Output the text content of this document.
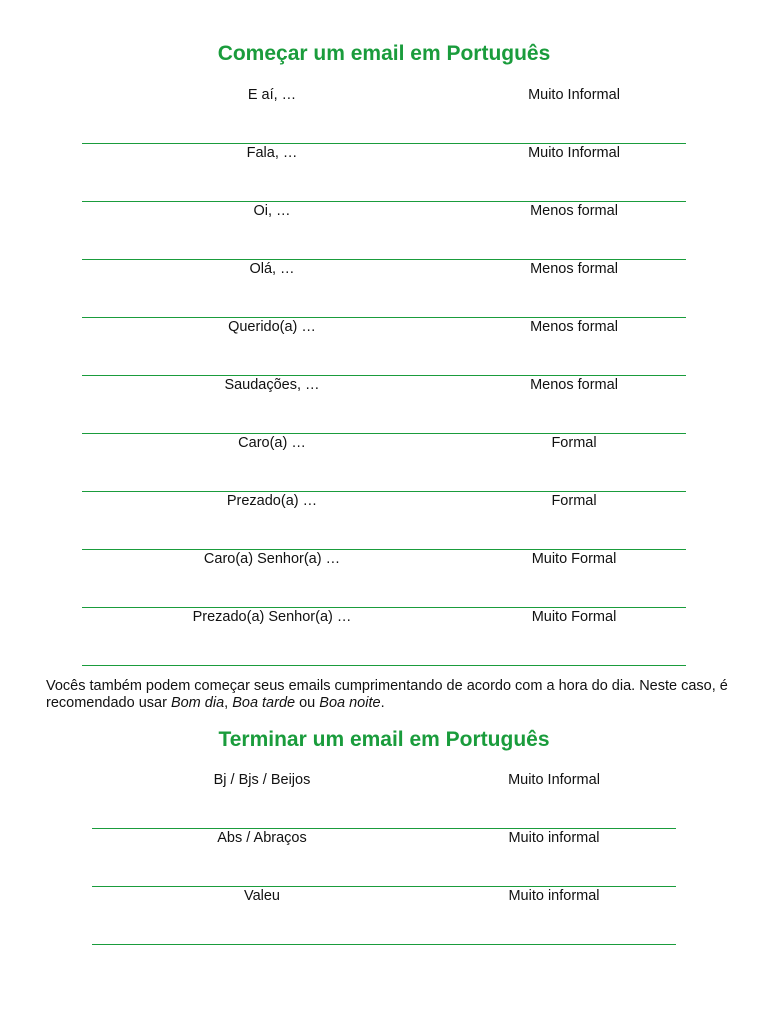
Começar um email em Português
E aí, …	Muito Informal
Fala, …	Muito Informal
Oi, …	Menos formal
Olá, …	Menos formal
Querido(a) …	Menos formal
Saudações, …	Menos formal
Caro(a) …	Formal
Prezado(a) …	Formal
Caro(a) Senhor(a) …	Muito Formal
Prezado(a) Senhor(a) …	Muito Formal

Vocês também podem começar seus emails cumprimentando de acordo com a hora do dia. Neste caso, é recomendado usar Bom dia, Boa tarde ou Boa noite.

Terminar um email em Português
Bj / Bjs / Beijos	Muito Informal
Abs / Abraços	Muito informal
Valeu	Muito informal
